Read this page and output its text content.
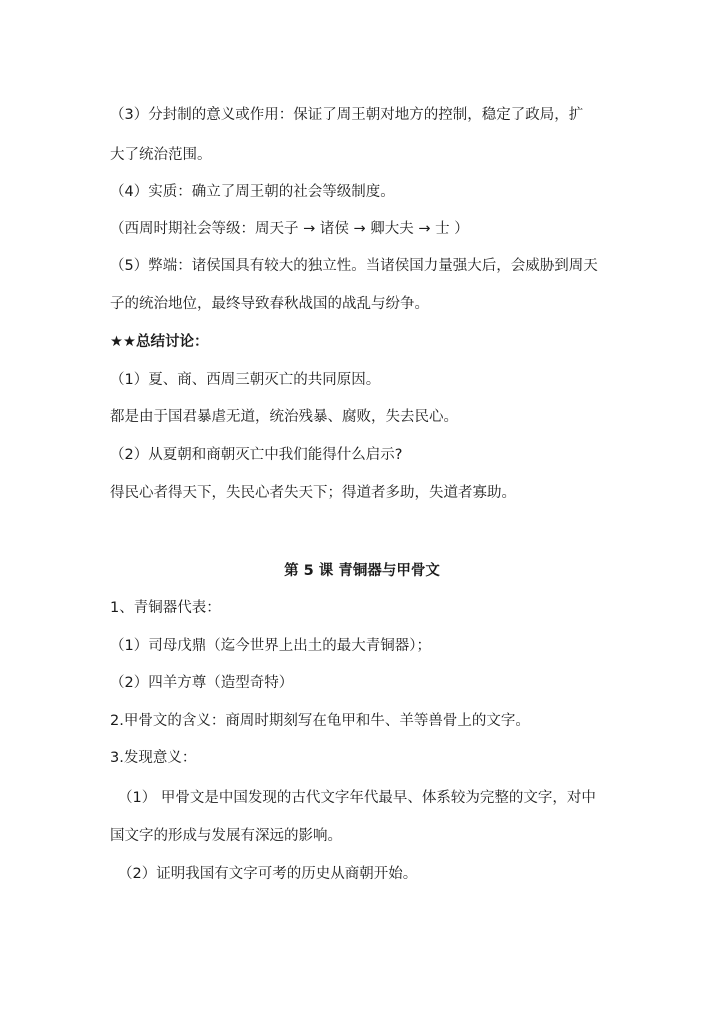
（3）分封制的意义或作用：保证了周王朝对地方的控制，稳定了政局，扩
大了统治范围。
（4）实质：确立了周王朝的社会等级制度。
（西周时期社会等级：周天子 → 诸侯 → 卿大夫 → 士 ）
（5）弊端：诸侯国具有较大的独立性。当诸侯国力量强大后，会威胁到周天
子的统治地位，最终导致春秋战国的战乱与纷争。
★★总结讨论：
（1）夏、商、西周三朝灭亡的共同原因。
都是由于国君暴虐无道，统治残暴、腐败，失去民心。
（2）从夏朝和商朝灭亡中我们能得什么启示?
得民心者得天下，失民心者失天下；得道者多助，失道者寡助。
第 5 课 青铜器与甲骨文
1、青铜器代表：
（1）司母戊鼎（迄今世界上出土的最大青铜器）；
（2）四羊方尊（造型奇特）
2.甲骨文的含义：商周时期刻写在龟甲和牛、羊等兽骨上的文字。
3.发现意义：
（1） 甲骨文是中国发现的古代文字年代最早、体系较为完整的文字，对中
国文字的形成与发展有深远的影响。
（2）证明我国有文字可考的历史从商朝开始。
